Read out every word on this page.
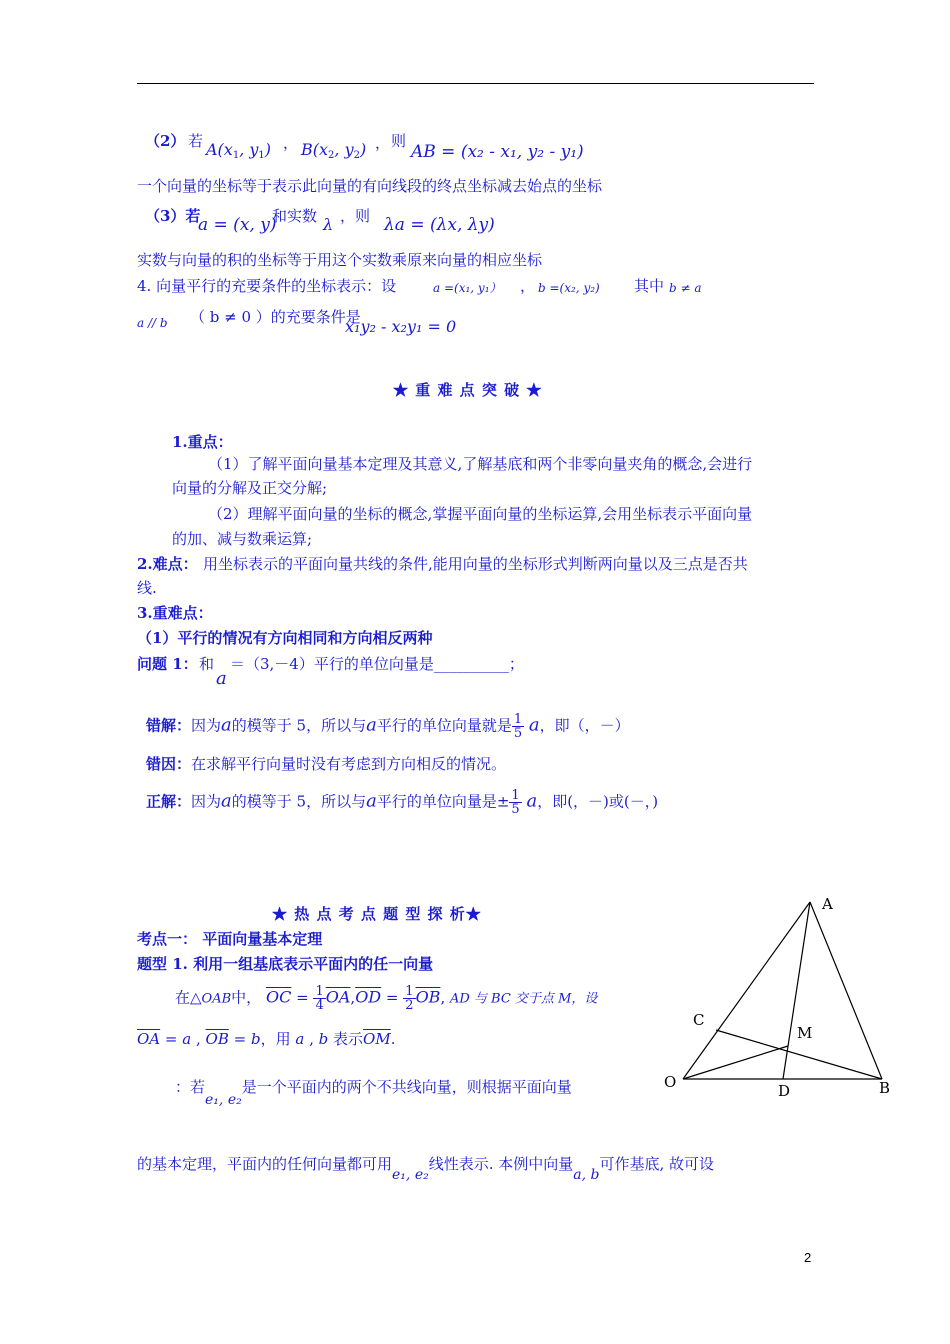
（2） 若 $A(x_1$, $y_1$) ， $B(x_2$, $y_2$) ， 则
AB = (x₂ - x₁, y₂ - y₁)
一个向量的坐标等于表示此向量的有向线段的终点坐标减去始点的坐标
（3）若
a = (x, y)
和实数 λ ，则 λa = (λx, λy)
实数与向量的积的坐标等于用这个实数乘原来向量的相应坐标
4. 向量平行的充要条件的坐标表示：设	a =(x₁, y₁） ， b =(x₂, y₂) 其中 b ≠ a
a // b （ b ≠ 0 ）的充要条件是
x₁y₂ - x₂y₁ = 0
★ 重 难 点 突 破 ★
1.重点：
（1）了解平面向量基本定理及其意义,了解基底和两个非零向量夹角的概念,会进行
向量的分解及正交分解;
（2）理解平面向量的坐标的概念,掌握平面向量的坐标运算,会用坐标表示平面向量
的加、减与数乘运算;
2.难点： 用坐标表示的平面向量共线的条件,能用向量的坐标形式判断两向量以及三点是否共
线.
3.重难点：
（1）平行的情况有方向相同和方向相反两种
问题 1： 和
a
＝（3,－4）平行的单位向量是__________；
错解：因为a的模等于 5，所以与a平行的单位向量就是 $\frac{1}{5}$ a，即（，－）
错因：在求解平行向量时没有考虑到方向相反的情况。
正解：因为a的模等于 5，所以与a平行的单位向量是± $\frac{1}{5}$ a，即(，－)或(－，)
★ 热 点 考 点 题 型 探 析★
考点一： 平面向量基本定理
题型 1. 利用一组基底表示平面内的任一向量
在△OAB中， $\overline{OC} = \frac{1}{4} \overline{OA},\overline{OD} = \frac{1}{2} \overline{OB}$, AD 与 BC 交于点 M，设
$\overline{OA} = a$ , $\overline{OB} = b$，用 a , b 表示$\overline{OM}$.
：若e₁, e₂是一个平面内的两个不共线向量，则根据平面向量
的基本定理，平面内的任何向量都可用e₁, e₂线性表示. 本例中向量a, b可作基底, 故可设
A
B
C
D
M
O
2
